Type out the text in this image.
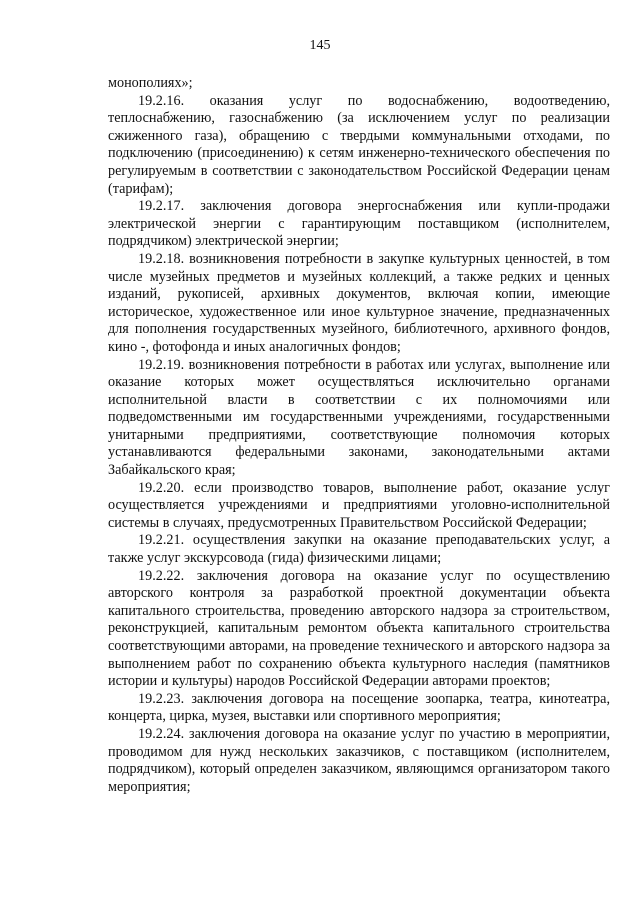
145

монополиях»;

19.2.16. оказания услуг по водоснабжению, водоотведению, теплоснабжению, газоснабжению (за исключением услуг по реализации сжиженного газа), обращению с твердыми коммунальными отходами, по подключению (присоединению) к сетям инженерно-технического обеспечения по регулируемым в соответствии с законодательством Российской Федерации ценам (тарифам);

19.2.17. заключения договора энергоснабжения или купли-продажи электрической энергии с гарантирующим поставщиком (исполнителем, подрядчиком) электрической энергии;

19.2.18. возникновения потребности в закупке культурных ценностей, в том числе музейных предметов и музейных коллекций, а также редких и ценных изданий, рукописей, архивных документов, включая копии, имеющие историческое, художественное или иное культурное значение, предназначенных для пополнения государственных музейного, библиотечного, архивного фондов, кино -, фотофонда и иных аналогичных фондов;

19.2.19. возникновения потребности в работах или услугах, выполнение или оказание которых может осуществляться исключительно органами исполнительной власти в соответствии с их полномочиями или подведомственными им государственными учреждениями, государственными унитарными предприятиями, соответствующие полномочия которых устанавливаются федеральными законами, законодательными актами Забайкальского края;

19.2.20. если производство товаров, выполнение работ, оказание услуг осуществляется учреждениями и предприятиями уголовно-исполнительной системы в случаях, предусмотренных Правительством Российской Федерации;

19.2.21. осуществления закупки на оказание преподавательских услуг, а также услуг экскурсовода (гида) физическими лицами;

19.2.22. заключения договора на оказание услуг по осуществлению авторского контроля за разработкой проектной документации объекта капитального строительства, проведению авторского надзора за строительством, реконструкцией, капитальным ремонтом объекта капитального строительства соответствующими авторами, на проведение технического и авторского надзора за выполнением работ по сохранению объекта культурного наследия (памятников истории и культуры) народов Российской Федерации авторами проектов;

19.2.23. заключения договора на посещение зоопарка, театра, кинотеатра, концерта, цирка, музея, выставки или спортивного мероприятия;

19.2.24. заключения договора на оказание услуг по участию в мероприятии, проводимом для нужд нескольких заказчиков, с поставщиком (исполнителем, подрядчиком), который определен заказчиком, являющимся организатором такого мероприятия;
